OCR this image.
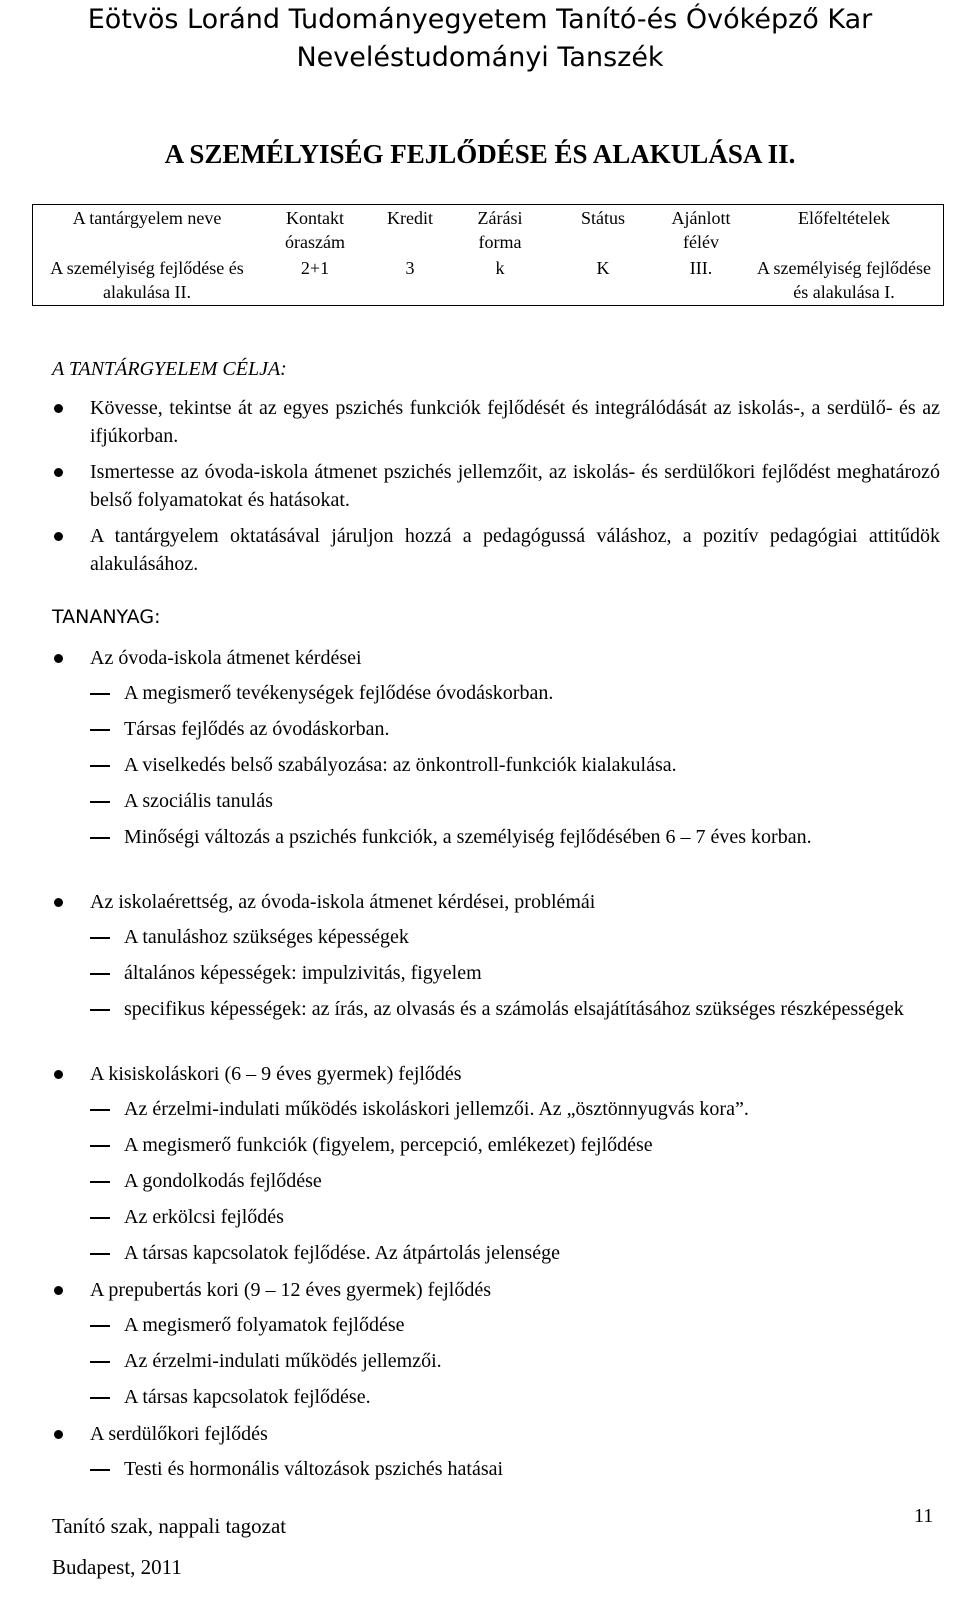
Eötvös Loránd Tudományegyetem Tanító-és Óvóképző Kar
Neveléstudományi Tanszék
A SZEMÉLYISÉG FEJLŐDÉSE ÉS ALAKULÁSA II.
A tantárgyelem neve	Kontakt óraszám	Kredit	Zárási forma	Státus	Ajánlott félév	Előfeltételek
A személyiség fejlődése és alakulása II.	2+1	3	k	K	III.	A személyiség fejlődése és alakulása I.
A TANTÁRGYELEM CÉLJA:
Kövesse, tekintse át az egyes pszichés funkciók fejlődését és integrálódását az iskolás-, a serdülő- és az ifjúkorban.
Ismertesse az óvoda-iskola átmenet pszichés jellemzőit, az iskolás- és serdülőkori fejlődést meghatározó belső folyamatokat és hatásokat.
A tantárgyelem oktatásával járuljon hozzá a pedagógussá váláshoz, a pozitív pedagógiai attitűdök alakulásához.
TANANYAG:
Az óvoda-iskola átmenet kérdései
A megismerő tevékenységek fejlődése óvodáskorban.
Társas fejlődés az óvodáskorban.
A viselkedés belső szabályozása: az önkontroll-funkciók kialakulása.
A szociális tanulás
Minőségi változás a pszichés funkciók, a személyiség fejlődésében 6 – 7 éves korban.
Az iskolaérettség, az óvoda-iskola átmenet kérdései, problémái
A tanuláshoz szükséges képességek
általános képességek: impulzivitás, figyelem
specifikus képességek: az írás, az olvasás és a számolás elsajátításához szükséges részképességek
A kisiskoláskori (6 – 9 éves gyermek) fejlődés
Az érzelmi-indulati működés iskoláskori jellemzői. Az „ösztönnyugvás kora”.
A megismerő funkciók (figyelem, percepció, emlékezet) fejlődése
A gondolkodás fejlődése
Az erkölcsi fejlődés
A társas kapcsolatok fejlődése. Az átpártolás jelensége
A prepubertás kori (9 – 12 éves gyermek) fejlődés
A megismerő folyamatok fejlődése
Az érzelmi-indulati működés jellemzői.
A társas kapcsolatok fejlődése.
A serdülőkori fejlődés
Testi és hormonális változások pszichés hatásai
11
Tanító szak, nappali tagozat
Budapest, 2011
